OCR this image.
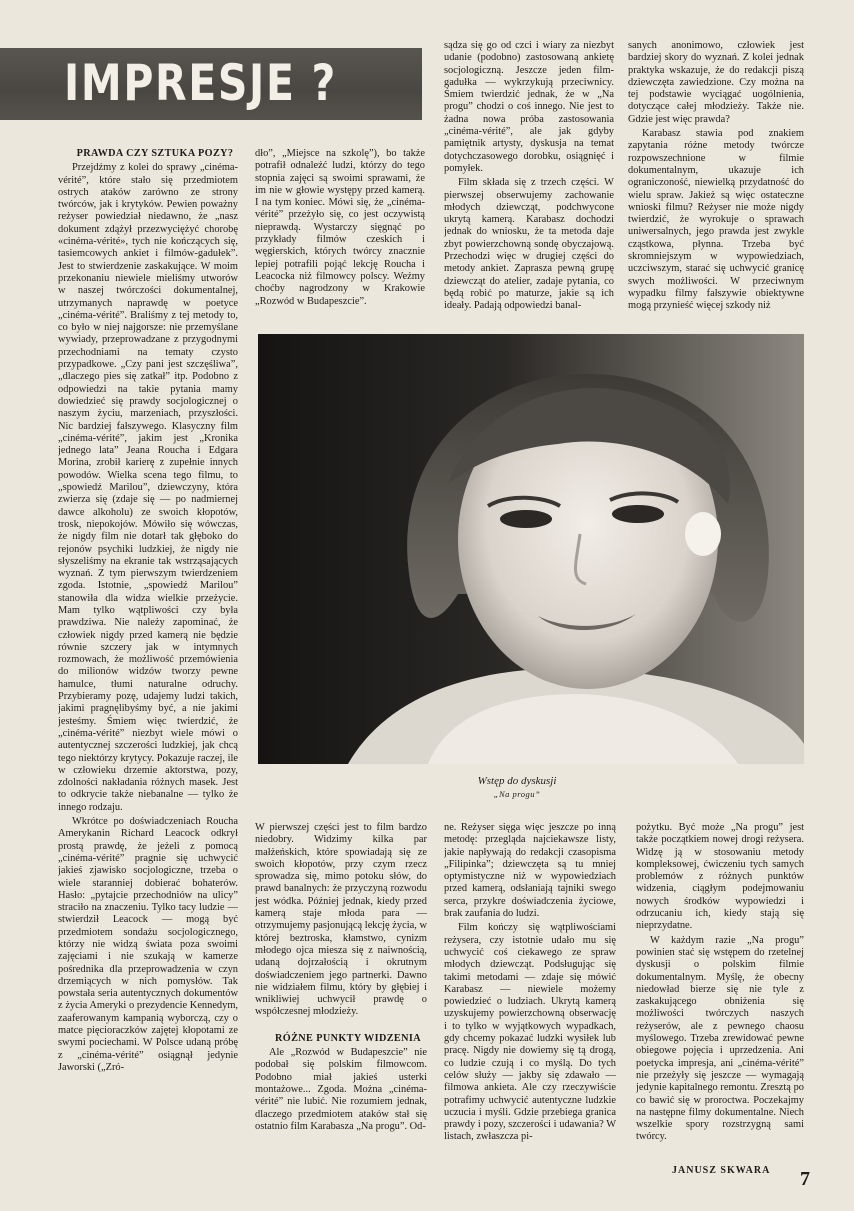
IMPRESJE ?

PRAWDA CZY SZTUKA POZY?

Przejdźmy z kolei do sprawy „cinéma-vérité”, które stało się przedmiotem ostrych ataków zarówno ze strony twórców, jak i krytyków. Pewien poważny reżyser powiedział niedawno, że „nasz dokument zdążył przezwyciężyć chorobę «cinéma-vérité», tych nie kończących się, tasiemcowych ankiet i filmów-gadułek”. Jest to stwierdzenie zaskakujące. W moim przekonaniu niewiele mieliśmy utworów w naszej twórczości dokumentalnej, utrzymanych naprawdę w poetyce „cinéma-vérité”. Braliśmy z tej metody to, co było w niej najgorsze: nie przemyślane wywiady, przeprowadzane z przygodnymi przechodniami na tematy czysto przypadkowe. „Czy pani jest szczęśliwa”, „dlaczego pies się zatkał” itp. Podobno z odpowiedzi na takie pytania mamy dowiedzieć się prawdy socjologicznej o naszym życiu, marzeniach, przyszłości. Nic bardziej fałszywego. Klasyczny film „cinéma-vérité”, jakim jest „Kronika jednego lata” Jeana Roucha i Edgara Morina, zrobił karierę z zupełnie innych powodów. Wielka scena tego filmu, to „spowiedź Marilou”, dziewczyny, która zwierza się (zdaje się — po nadmiernej dawce alkoholu) ze swoich kłopotów, trosk, niepokojów. Mówiło się wówczas, że nigdy film nie dotarł tak głęboko do rejonów psychiki ludzkiej, że nigdy nie słyszeliśmy na ekranie tak wstrząsających wyznań. Z tym pierwszym twierdzeniem zgoda. Istotnie, „spowiedź Marilou” stanowiła dla widza wielkie przeżycie. Mam tylko wątpliwości czy była prawdziwa. Nie należy zapominać, że człowiek nigdy przed kamerą nie będzie równie szczery jak w intymnych rozmowach, że możliwość przemówienia do milionów widzów tworzy pewne hamulce, tłumi naturalne odruchy. Przybieramy pozę, udajemy ludzi takich, jakimi pragnęlibyśmy być, a nie jakimi jesteśmy. Śmiem więc twierdzić, że „cinéma-vérité” niezbyt wiele mówi o autentycznej szczerości ludzkiej, jak chcą tego niektórzy krytycy. Pokazuje raczej, ile w człowieku drzemie aktorstwa, pozy, zdolności nakładania różnych masek. Jest to odkrycie także niebanalne — tylko że innego rodzaju.

Wkrótce po doświadczeniach Roucha Amerykanin Richard Leacock odkrył prostą prawdę, że jeżeli z pomocą „cinéma-vérité” pragnie się uchwycić jakieś zjawisko socjologiczne, trzeba o wiele staranniej dobierać bohaterów. Hasło: „pytajcie przechodniów na ulicy” straciło na znaczeniu. Tylko tacy ludzie — stwierdził Leacock — mogą być przedmiotem sondażu socjologicznego, którzy nie widzą świata poza swoimi zajęciami i nie szukają w kamerze pośrednika dla przeprowadzenia w czyn drzemiących w nich pomysłów. Tak powstała seria autentycznych dokumentów z życia Ameryki o prezydencie Kennedym, zaaferowanym kampanią wyborczą, czy o matce pięcioraczków zajętej kłopotami ze swymi pociechami. W Polsce udaną próbę z „cinéma-vérité” osiągnął jedynie Jaworski („Zró-

dło”, „Miejsce na szkolę”), bo także potrafił odnaleźć ludzi, którzy do tego stopnia zajęci są swoimi sprawami, że im nie w głowie występy przed kamerą. I na tym koniec. Mówi się, że „cinéma-vérité” przeżyło się, co jest oczywistą nieprawdą. Wystarczy sięgnąć po przykłady filmów czeskich i węgierskich, których twórcy znacznie lepiej potrafili pojąć lekcję Roucha i Leacocka niż filmowcy polscy. Weźmy choćby nagrodzony w Krakowie „Rozwód w Budapeszcie”.

sądza się go od czci i wiary za niezbyt udanie (podobno) zastosowaną ankietę socjologiczną. Jeszcze jeden film-gadułka — wykrzykują przeciwnicy. Śmiem twierdzić jednak, że w „Na progu” chodzi o coś innego. Nie jest to żadna nowa próba zastosowania „cinéma-vérité”, ale jak gdyby pamiętnik artysty, dyskusja na temat dotychczasowego dorobku, osiągnięć i pomyłek.

Film składa się z trzech części. W pierwszej obserwujemy zachowanie młodych dziewcząt, podchwycone ukrytą kamerą. Karabasz dochodzi jednak do wniosku, że ta metoda daje zbyt powierzchowną sondę obyczajową. Przechodzi więc w drugiej części do metody ankiet. Zaprasza pewną grupę dziewcząt do atelier, zadaje pytania, co będą robić po maturze, jakie są ich ideały. Padają odpowiedzi banal-

sanych anonimowo, człowiek jest bardziej skory do wyznań. Z kolei jednak praktyka wskazuje, że do redakcji piszą dziewczęta zawiedzione. Czy można na tej podstawie wyciągać uogólnienia, dotyczące całej młodzieży. Także nie. Gdzie jest więc prawda?

Karabasz stawia pod znakiem zapytania różne metody twórcze rozpowszechnione w filmie dokumentalnym, ukazuje ich ograniczoność, niewielką przydatność do wielu spraw. Jakież są więc ostateczne wnioski filmu? Reżyser nie może nigdy twierdzić, że wyrokuje o sprawach uniwersalnych, jego prawda jest zwykle cząstkowa, płynna. Trzeba być skromniejszym w wypowiedziach, uczciwszym, starać się uchwycić granicę swych możliwości. W przeciwnym wypadku filmy fałszywie obiektywne mogą przynieść więcej szkody niż

Wstęp do dyskusji
„Na progu”

W pierwszej części jest to film bardzo niedobry. Widzimy kilka par małżeńskich, które spowiadają się ze swoich kłopotów, przy czym rzecz sprowadza się, mimo potoku słów, do prawd banalnych: że przyczyną rozwodu jest wódka. Później jednak, kiedy przed kamerą staje młoda para — otrzymujemy pasjonującą lekcję życia, w której beztroska, kłamstwo, cynizm młodego ojca miesza się z naiwnością, udaną dojrzałością i okrutnym doświadczeniem jego partnerki. Dawno nie widziałem filmu, który by głębiej i wnikliwiej uchwycił prawdę o współczesnej młodzieży.

RÓŻNE PUNKTY WIDZENIA

Ale „Rozwód w Budapeszcie” nie podobał się polskim filmowcom. Podobno miał jakieś usterki montażowe... Zgoda. Można „cinéma-vérité” nie lubić. Nie rozumiem jednak, dlaczego przedmiotem ataków stał się ostatnio film Karabasza „Na progu”. Od-

ne. Reżyser sięga więc jeszcze po inną metodę: przegląda najciekawsze listy, jakie napływają do redakcji czasopisma „Filipinka”; dziewczęta są tu mniej optymistyczne niż w wypowiedziach przed kamerą, odsłaniają tajniki swego serca, przykre doświadczenia życiowe, brak zaufania do ludzi.

Film kończy się wątpliwościami reżysera, czy istotnie udało mu się uchwycić coś ciekawego ze spraw młodych dziewcząt. Podsługując się takimi metodami — zdaje się mówić Karabasz — niewiele możemy powiedzieć o ludziach. Ukrytą kamerą uzyskujemy powierzchowną obserwację i to tylko w wyjątkowych wypadkach, gdy chcemy pokazać ludzki wysiłek lub pracę. Nigdy nie dowiemy się tą drogą, co ludzie czują i co myślą. Do tych celów służy — jakby się zdawało — filmowa ankieta. Ale czy rzeczywiście potrafimy uchwycić autentyczne ludzkie uczucia i myśli. Gdzie przebiega granica prawdy i pozy, szczerości i udawania? W listach, zwłaszcza pi-

pożytku. Być może „Na progu” jest także początkiem nowej drogi reżysera. Widzę ją w stosowaniu metody kompleksowej, ćwiczeniu tych samych problemów z różnych punktów widzenia, ciągłym podejmowaniu nowych środków wypowiedzi i odrzucaniu ich, kiedy stają się nieprzydatne.

W każdym razie „Na progu” powinien stać się wstępem do rzetelnej dyskusji o polskim filmie dokumentalnym. Myślę, że obecny niedowład bierze się nie tyle z zaskakującego obniżenia się możliwości twórczych naszych reżyserów, ale z pewnego chaosu myślowego. Trzeba zrewidować pewne obiegowe pojęcia i uprzedzenia. Ani poetycka impresja, ani „cinéma-vérité” nie przeżyły się jeszcze — wymagają jedynie kapitalnego remontu. Zresztą po co bawić się w proroctwa. Poczekajmy na następne filmy dokumentalne. Niech wszelkie spory rozstrzygną sami twórcy.

JANUSZ SKWARA	7
